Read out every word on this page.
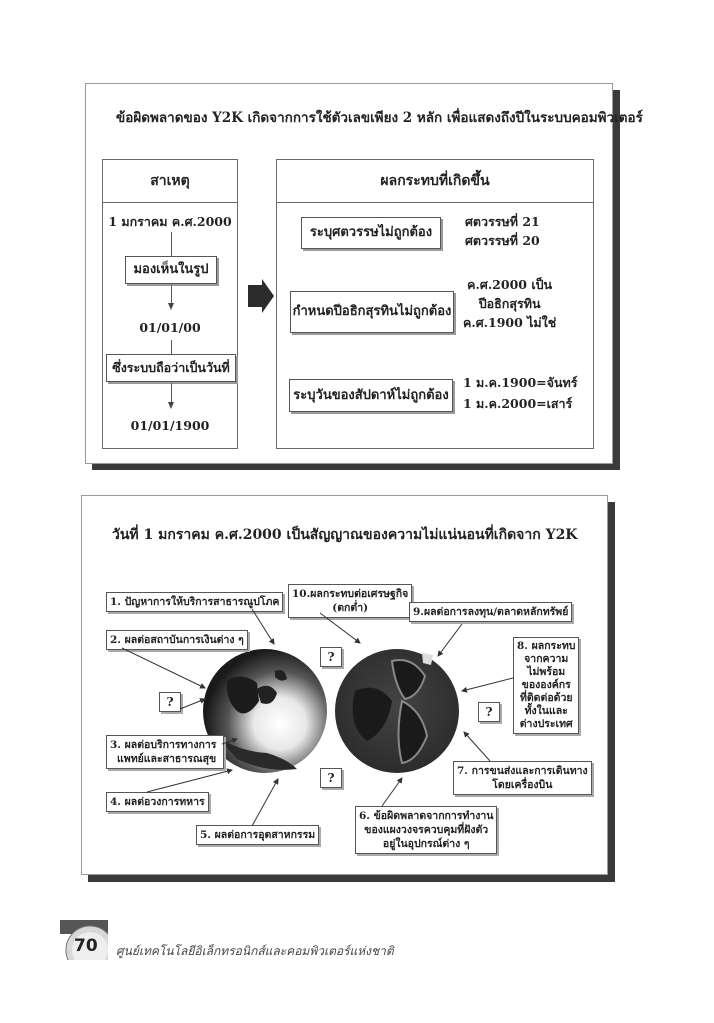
ข้อผิดพลาดของ Y2K เกิดจากการใช้ตัวเลขเพียง 2 หลัก เพื่อแสดงถึงปีในระบบคอมพิวเตอร์
สาเหตุ
1 มกราคม ค.ศ.2000
มองเห็นในรูป
01/01/00
ซึ่งระบบถือว่าเป็นวันที่
01/01/1900
ผลกระทบที่เกิดขึ้น
ระบุศตวรรษไม่ถูกต้อง
ศตวรรษที่ 21
ศตวรรษที่ 20
กำหนดปีอธิกสุรทินไม่ถูกต้อง
ค.ศ.2000 เป็น
ปีอธิกสุรทิน
ค.ศ.1900 ไม่ใช่
ระบุวันของสัปดาห์ไม่ถูกต้อง
1 ม.ค.1900=จันทร์
1 ม.ค.2000=เสาร์
วันที่ 1 มกราคม ค.ศ.2000 เป็นสัญญาณของความไม่แน่นอนที่เกิดจาก Y2K
1. ปัญหาการให้บริการสาธารณูปโภค
2. ผลต่อสถาบันการเงินต่าง ๆ
?
3. ผลต่อบริการทางการ
แพทย์และสาธารณสุข
4. ผลต่อวงการทหาร
5. ผลต่อการอุตสาหกรรม
10.ผลกระทบต่อเศรษฐกิจ
(ตกต่ำ)
?
9.ผลต่อการลงทุน/ตลาดหลักทรัพย์
8. ผลกระทบ
จากความ
ไม่พร้อม
ขององค์กร
ที่ติดต่อด้วย
ทั้งในและ
ต่างประเทศ
?
7. การขนส่งและการเดินทาง
โดยเครื่องบิน
?
6. ข้อผิดพลาดจากการทำงาน
ของแผงวงจรควบคุมที่ฝังตัว
อยู่ในอุปกรณ์ต่าง ๆ
70 ศูนย์เทคโนโลยีอิเล็กทรอนิกส์และคอมพิวเตอร์แห่งชาติ
